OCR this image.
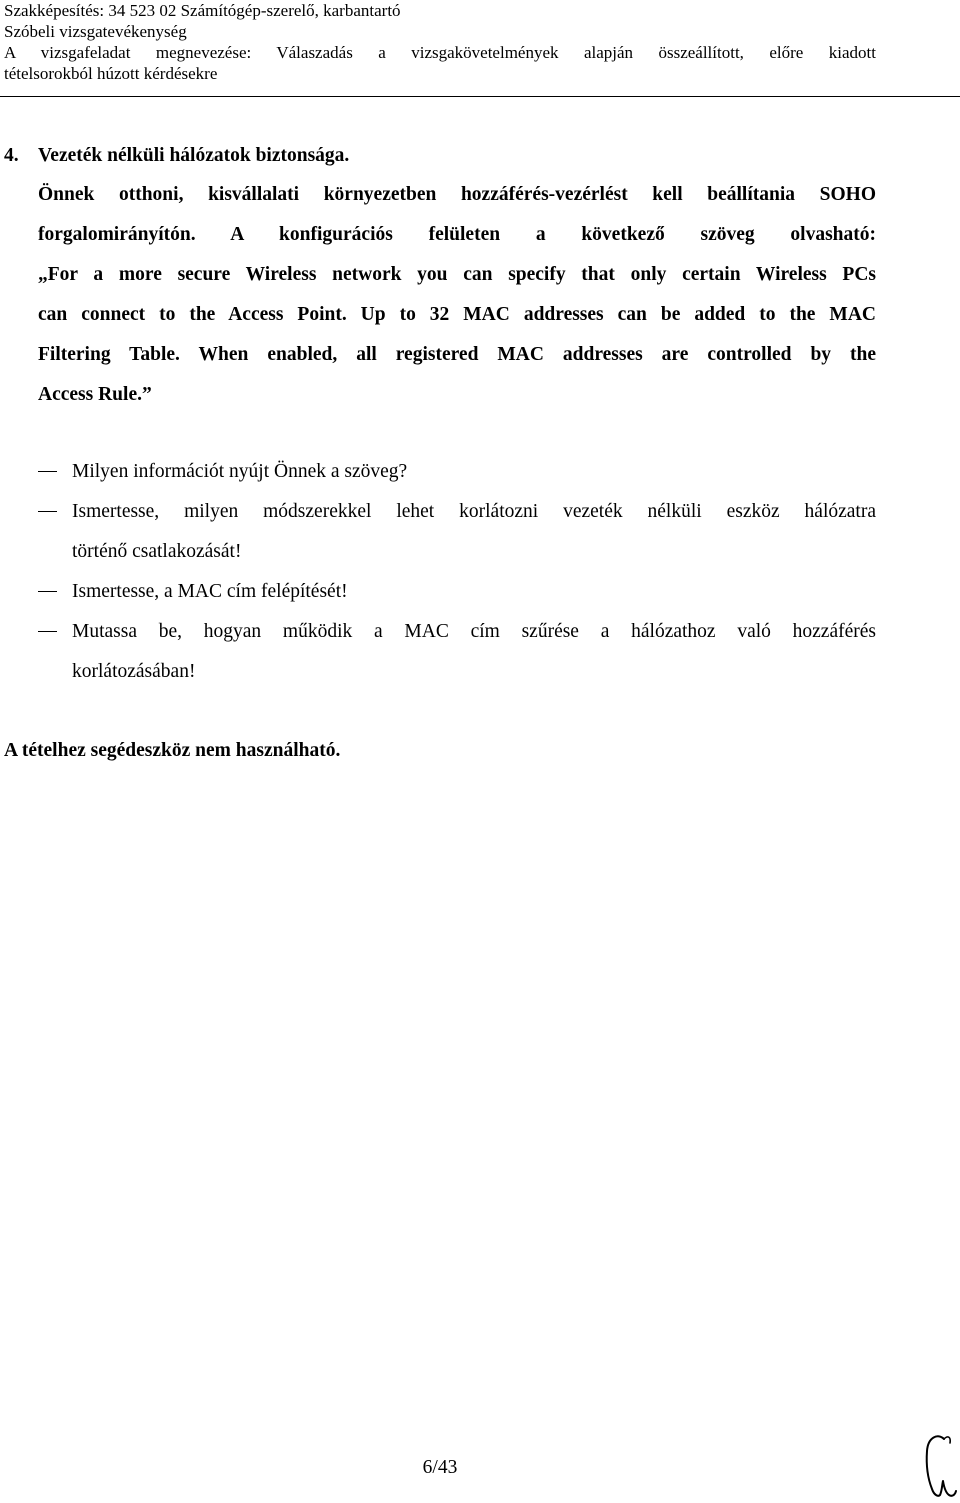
Szakképesítés: 34 523 02 Számítógép-szerelő, karbantartó
Szóbeli vizsgatevékenység
A vizsgafeladat megnevezése: Válaszadás a vizsgakövetelmények alapján összeállított, előre kiadott
tételsorokból húzott kérdésekre
4. Vezeték nélküli hálózatok biztonsága.
Önnek otthoni, kisvállalati környezetben hozzáférés-vezérlést kell beállítania SOHO
forgalomirányítón. A konfigurációs felületen a következő szöveg olvasható:
„For a more secure Wireless network you can specify that only certain Wireless PCs
can connect to the Access Point. Up to 32 MAC addresses can be added to the MAC
Filtering Table. When enabled, all registered MAC addresses are controlled by the
Access Rule.”
Milyen információt nyújt Önnek a szöveg?
Ismertesse, milyen módszerekkel lehet korlátozni vezeték nélküli eszköz hálózatra
történő csatlakozását!
Ismertesse, a MAC cím felépítését!
Mutassa be, hogyan működik a MAC cím szűrése a hálózathoz való hozzáférés
korlátozásában!
A tételhez segédeszköz nem használható.
6/43
